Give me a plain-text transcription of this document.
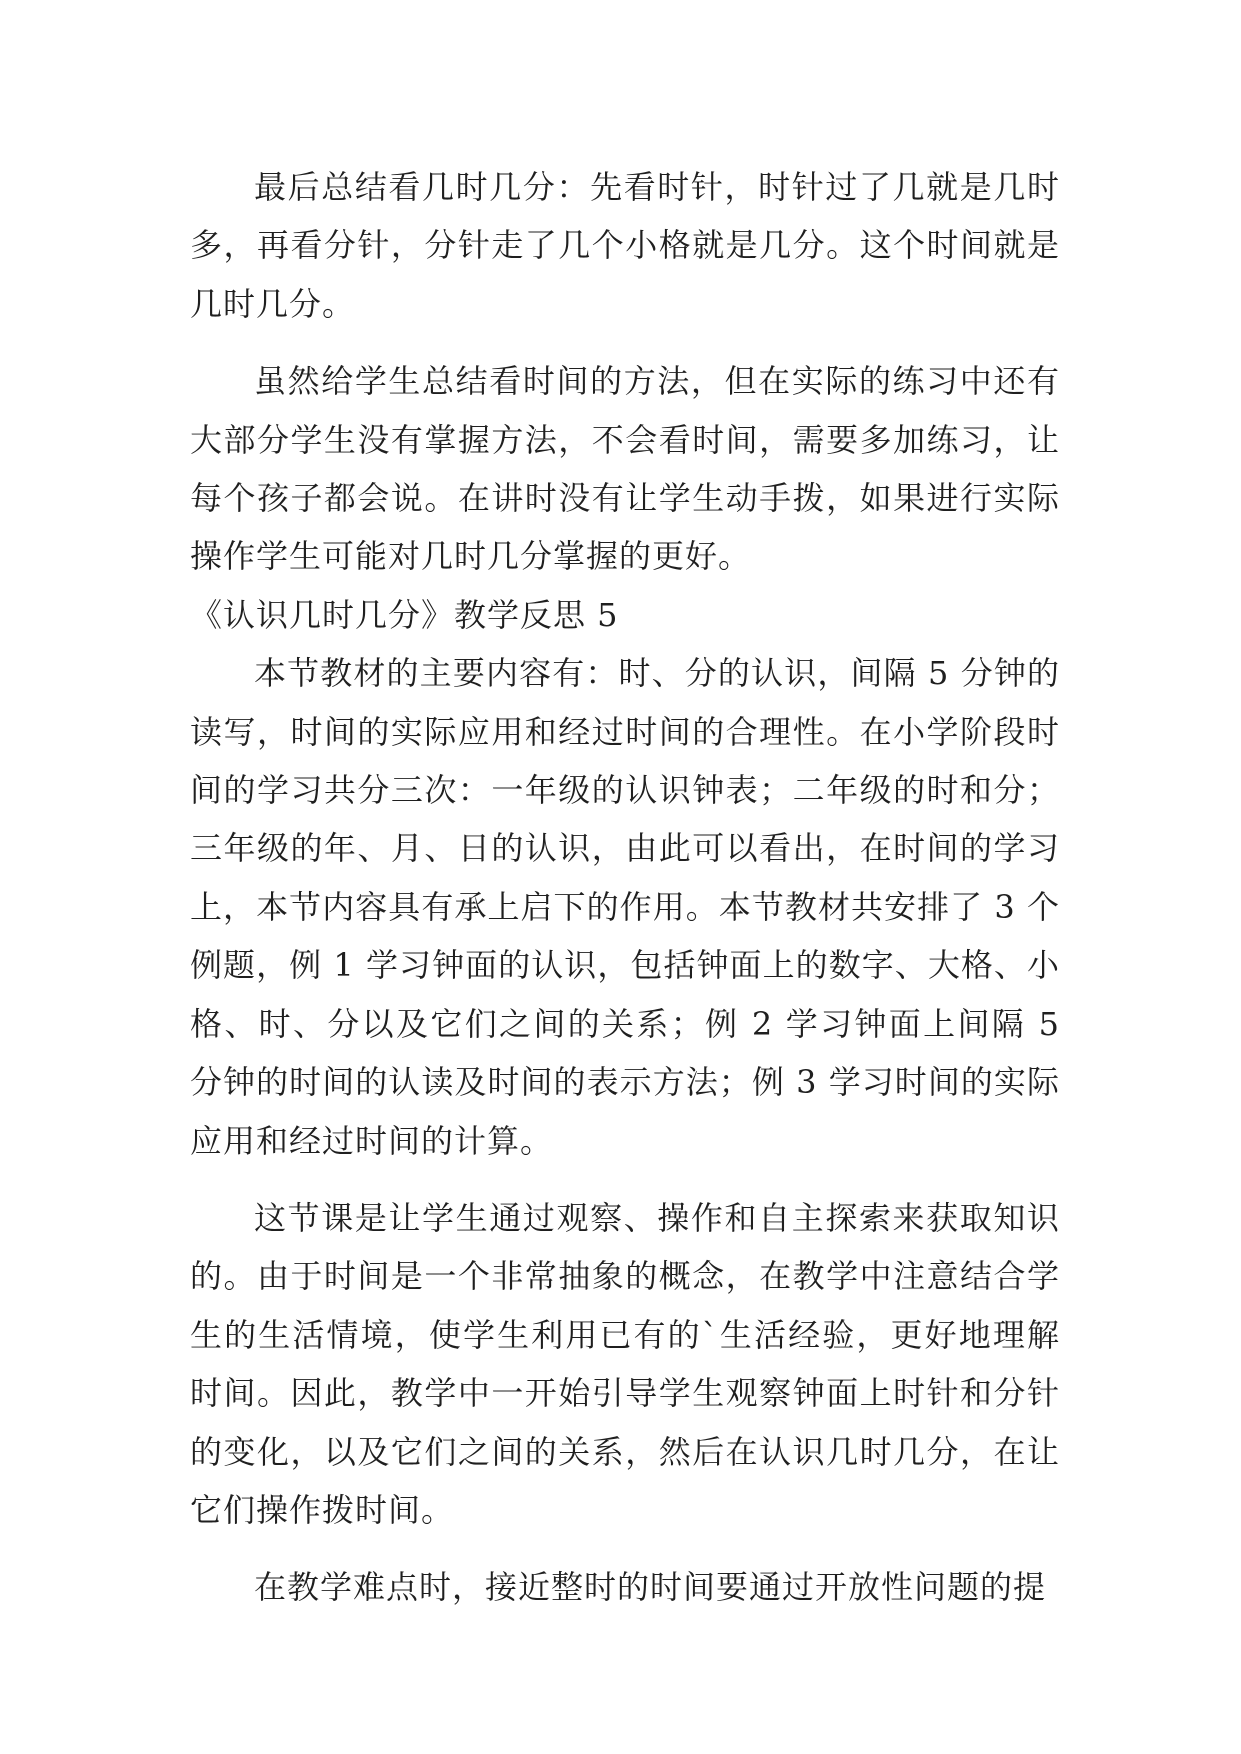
最后总结看几时几分：先看时针，时针过了几就是几时多，再看分针，分针走了几个小格就是几分。这个时间就是几时几分。

虽然给学生总结看时间的方法，但在实际的练习中还有大部分学生没有掌握方法，不会看时间，需要多加练习，让每个孩子都会说。在讲时没有让学生动手拨，如果进行实际操作学生可能对几时几分掌握的更好。

《认识几时几分》教学反思 5

本节教材的主要内容有：时、分的认识，间隔 5 分钟的读写，时间的实际应用和经过时间的合理性。在小学阶段时间的学习共分三次：一年级的认识钟表；二年级的时和分；三年级的年、月、日的认识，由此可以看出，在时间的学习上，本节内容具有承上启下的作用。本节教材共安排了 3 个例题，例 1 学习钟面的认识，包括钟面上的数字、大格、小格、时、分以及它们之间的关系；例 2 学习钟面上间隔 5 分钟的时间的认读及时间的表示方法；例 3 学习时间的实际应用和经过时间的计算。

这节课是让学生通过观察、操作和自主探索来获取知识的。由于时间是一个非常抽象的概念，在教学中注意结合学生的生活情境，使学生利用已有的`生活经验，更好地理解时间。因此，教学中一开始引导学生观察钟面上时针和分针的变化，以及它们之间的关系，然后在认识几时几分，在让它们操作拨时间。

在教学难点时，接近整时的时间要通过开放性问题的提
